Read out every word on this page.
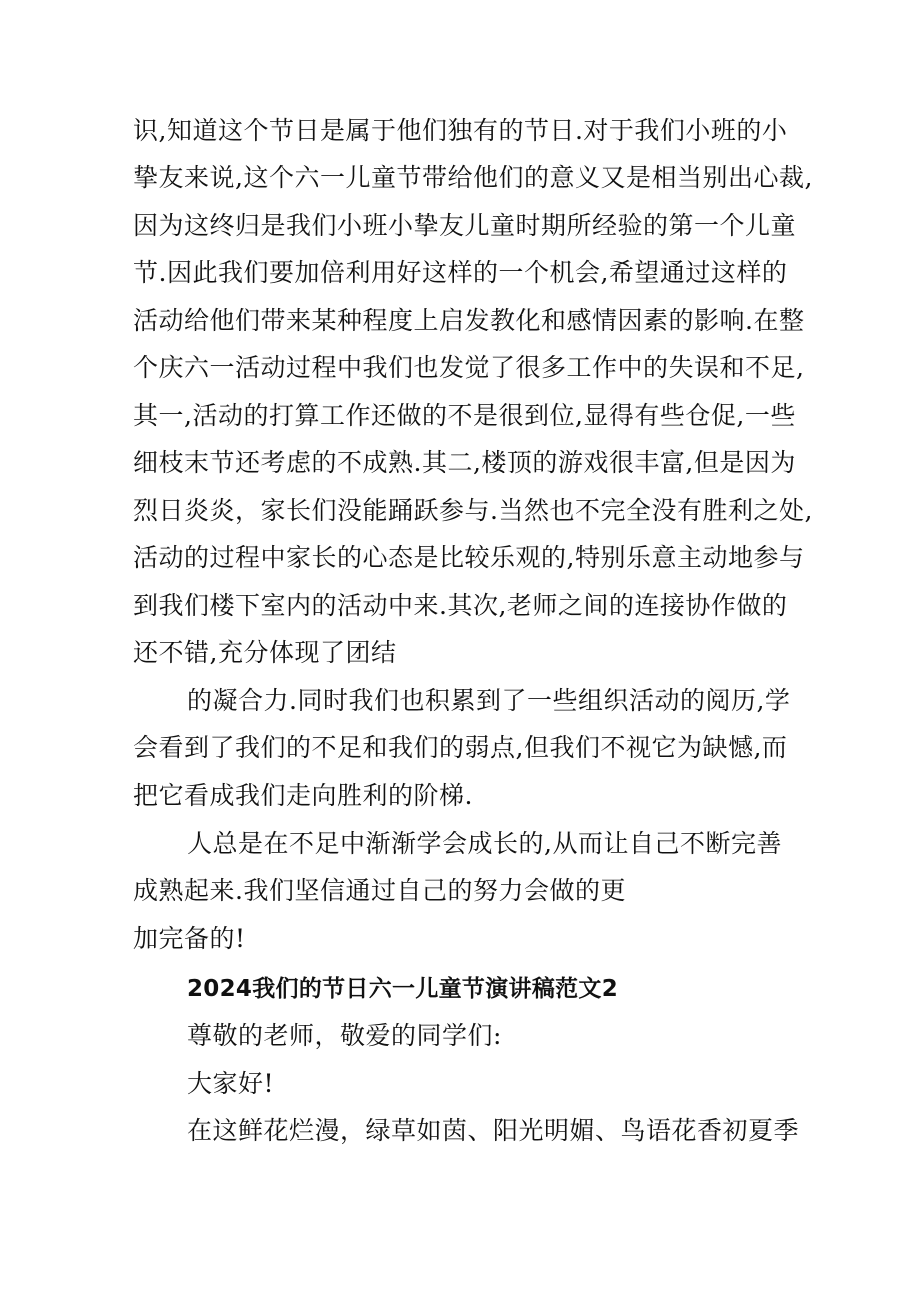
识,知道这个节日是属于他们独有的节日.对于我们小班的小
挚友来说,这个六一儿童节带给他们的意义又是相当别出心裁,
因为这终归是我们小班小挚友儿童时期所经验的第一个儿童
节.因此我们要加倍利用好这样的一个机会,希望通过这样的
活动给他们带来某种程度上启发教化和感情因素的影响.在整
个庆六一活动过程中我们也发觉了很多工作中的失误和不足,
其一,活动的打算工作还做的不是很到位,显得有些仓促,一些
细枝末节还考虑的不成熟.其二,楼顶的游戏很丰富,但是因为
烈日炎炎，家长们没能踊跃参与.当然也不完全没有胜利之处,
活动的过程中家长的心态是比较乐观的,特别乐意主动地参与
到我们楼下室内的活动中来.其次,老师之间的连接协作做的
还不错,充分体现了团结
的凝合力.同时我们也积累到了一些组织活动的阅历,学
会看到了我们的不足和我们的弱点,但我们不视它为缺憾,而
把它看成我们走向胜利的阶梯.
人总是在不足中渐渐学会成长的,从而让自己不断完善
成熟起来.我们坚信通过自己的努力会做的更
加完备的!
2024我们的节日六一儿童节演讲稿范文2
尊敬的老师，敬爱的同学们:
大家好!
在这鲜花烂漫，绿草如茵、阳光明媚、鸟语花香初夏季
